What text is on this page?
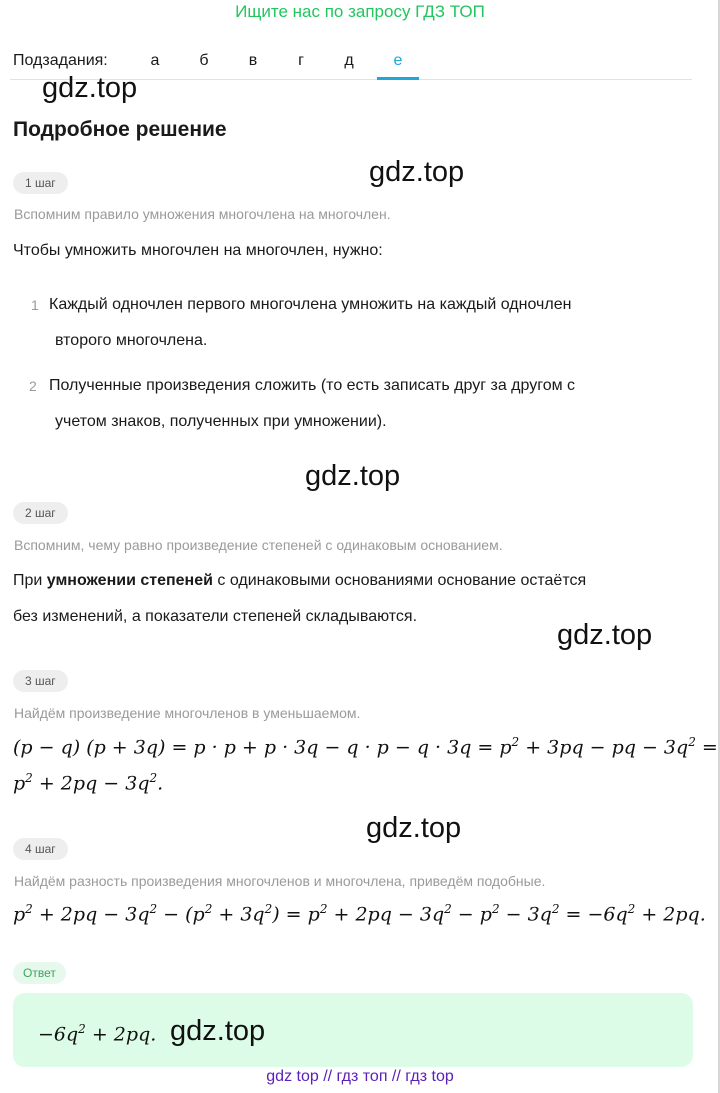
Ищите нас по запросу ГДЗ ТОП
Подзадания:	а	б	в	г	д	е
gdz.top
gdz.top
gdz.top
gdz.top
gdz.top
Подробное решение
1 шаг
Вспомним правило умножения многочлена на многочлен.
Чтобы умножить многочлен на многочлен, нужно:
1 Каждый одночлен первого многочлена умножить на каждый одночлен
второго многочлена.
2 Полученные произведения сложить (то есть записать друг за другом с
учетом знаков, полученных при умножении).
2 шаг
Вспомним, чему равно произведение степеней с одинаковым основанием.
При умножении степеней с одинаковыми основаниями основание остаётся
без изменений, а показатели степеней складываются.
3 шаг
Найдём произведение многочленов в уменьшаемом.
(p − q) $(p + 3q) = p \cdot p + p \cdot 3q - q \cdot p - q \cdot 3q = p^2 + 3pq$ − pq − $3q^2$ =
$p^2 + 2pq - 3q^2$.
4 шаг
Найдём разность произведения многочленов и многочлена, приведём подобные.
$p^2 + 2pq - 3q^2 - (p^2 + 3q^2) = p^2 + 2pq - 3q^2 - p^2 - 3q^2 = -6q^2 + 2pq$.
Ответ
$-6q^2 + 2pq$. gdz.top
gdz top // гдз топ // гдз top
